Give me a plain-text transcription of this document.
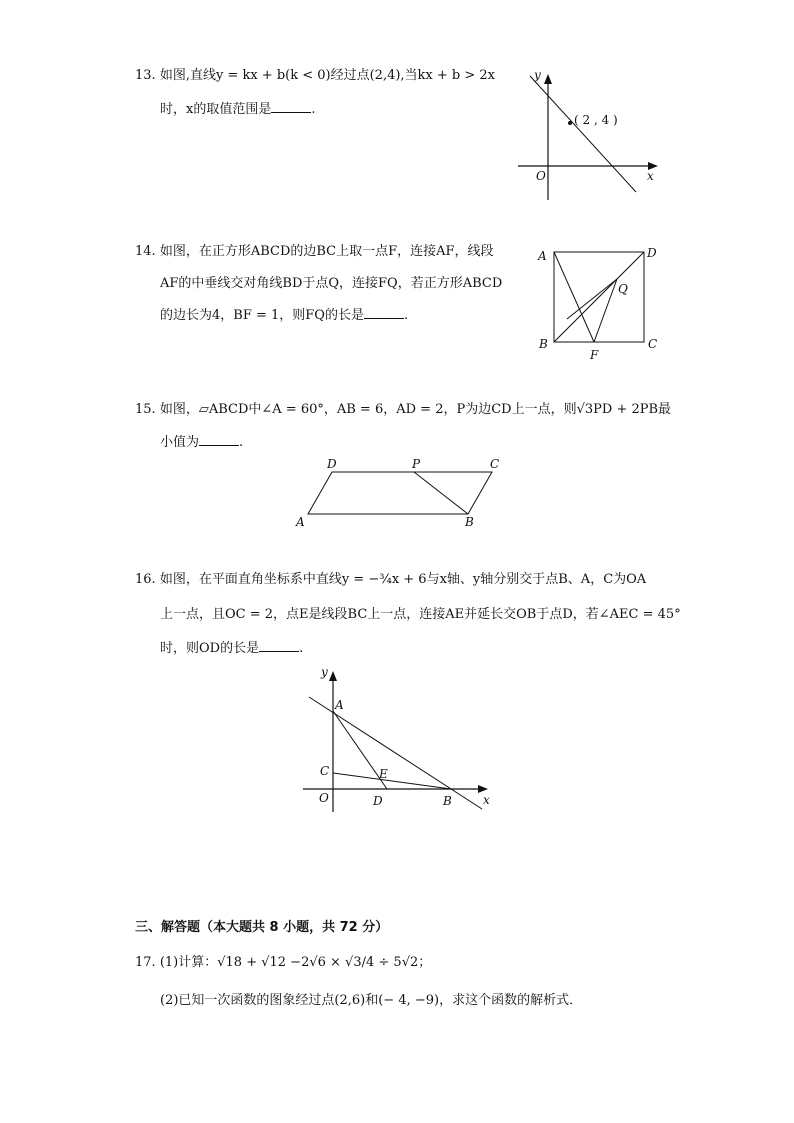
13. 如图,直线y = kx + b(k < 0)经过点(2,4),当kx + b > 2x
时，x的取值范围是	.
( 2 , 4 )
x
y
O
14. 如图，在正方形ABCD的边BC上取一点F，连接AF，线段
AF的中垂线交对角线BD于点Q，连接FQ，若正方形ABCD
的边长为4，BF = 1，则FQ的长是	.
A	D
B	C
F
Q
15. 如图，▱ABCD中∠A = 60°，AB = 6，AD = 2，P为边CD上一点，则√3PD + 2PB最
小值为	.
A	B
C
D	P
16. 如图，在平面直角坐标系中直线y = −¾x + 6与x轴、y轴分别交于点B、A，C为OA
上一点，且OC = 2，点E是线段BC上一点，连接AE并延长交OB于点D，若∠AEC = 45°
时，则OD的长是	.
y
A
C	E
O	D	B	x
三、解答题（本大题共 8 小题，共 72 分）
17. (1)计算：√18 + √12 −2√6 × √3/4 ÷ 5√2；
(2)已知一次函数的图象经过点(2,6)和(− 4, −9)，求这个函数的解析式．
